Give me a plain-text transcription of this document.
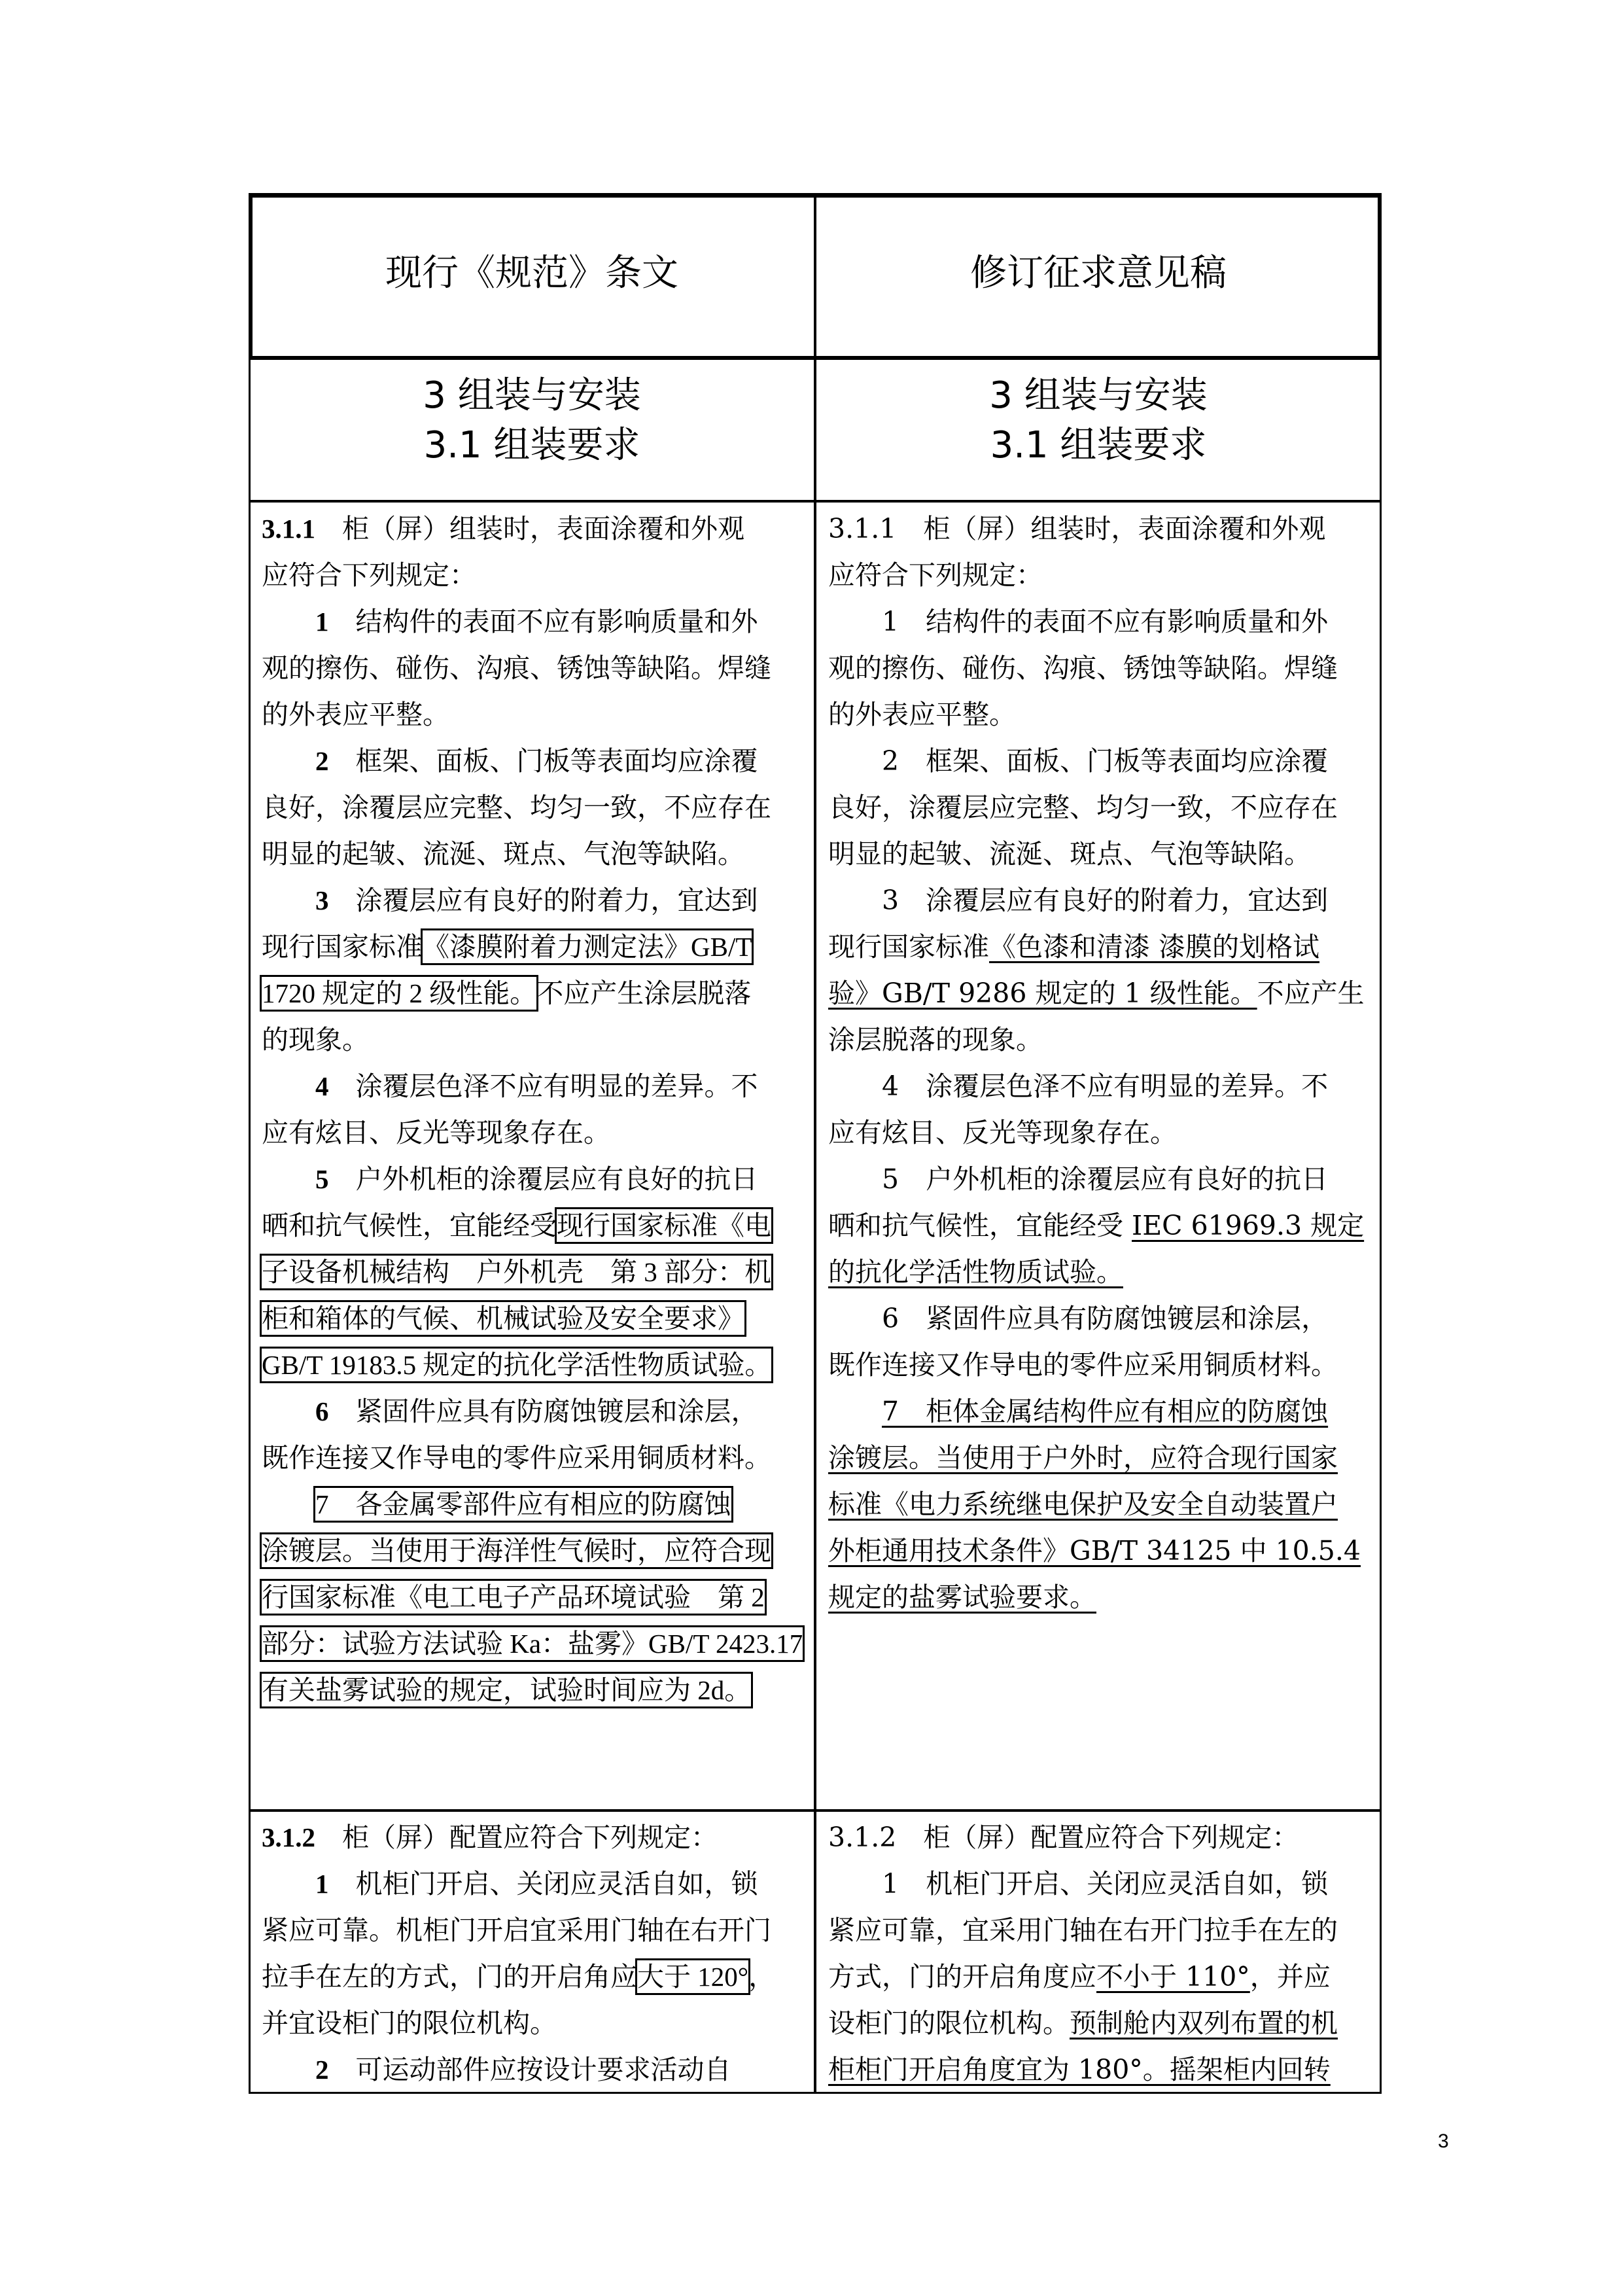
现行《规范》条文	修订征求意见稿
3 组装与安装
3.1 组装要求
3 组装与安装
3.1 组装要求
3.1.1　柜（屏）组装时，表面涂覆和外观
应符合下列规定：
　　1　结构件的表面不应有影响质量和外
观的擦伤、碰伤、沟痕、锈蚀等缺陷。焊缝
的外表应平整。
　　2　框架、面板、门板等表面均应涂覆
良好，涂覆层应完整、均匀一致，不应存在
明显的起皱、流涎、斑点、气泡等缺陷。
　　3　涂覆层应有良好的附着力，宜达到
现行国家标准《漆膜附着力测定法》GB/T
1720 规定的 2 级性能。不应产生涂层脱落
的现象。
　　4　涂覆层色泽不应有明显的差异。不
应有炫目、反光等现象存在。
　　5　户外机柜的涂覆层应有良好的抗日
晒和抗气候性，宜能经受现行国家标准《电
子设备机械结构　户外机壳　第 3 部分：机
柜和箱体的气候、机械试验及安全要求》
GB/T 19183.5 规定的抗化学活性物质试验。
　　6　紧固件应具有防腐蚀镀层和涂层，
既作连接又作导电的零件应采用铜质材料。
　　7　各金属零部件应有相应的防腐蚀
涂镀层。当使用于海洋性气候时，应符合现
行国家标准《电工电子产品环境试验　第 2
部分：试验方法试验 Ka：盐雾》GB/T 2423.17
有关盐雾试验的规定，试验时间应为 2d。
3.1.1　柜（屏）组装时，表面涂覆和外观
应符合下列规定：
　　1　结构件的表面不应有影响质量和外
观的擦伤、碰伤、沟痕、锈蚀等缺陷。焊缝
的外表应平整。
　　2　框架、面板、门板等表面均应涂覆
良好，涂覆层应完整、均匀一致，不应存在
明显的起皱、流涎、斑点、气泡等缺陷。
　　3　涂覆层应有良好的附着力，宜达到
现行国家标准《色漆和清漆 漆膜的划格试
验》GB/T 9286 规定的 1 级性能。不应产生
涂层脱落的现象。
　　4　涂覆层色泽不应有明显的差异。不
应有炫目、反光等现象存在。
　　5　户外机柜的涂覆层应有良好的抗日
晒和抗气候性，宜能经受 IEC 61969.3 规定
的抗化学活性物质试验。
　　6　紧固件应具有防腐蚀镀层和涂层，
既作连接又作导电的零件应采用铜质材料。
　　7　柜体金属结构件应有相应的防腐蚀
涂镀层。当使用于户外时，应符合现行国家
标准《电力系统继电保护及安全自动装置户
外柜通用技术条件》GB/T 34125 中 10.5.4
规定的盐雾试验要求。
3.1.2　柜（屏）配置应符合下列规定：
　　1　机柜门开启、关闭应灵活自如，锁
紧应可靠。机柜门开启宜采用门轴在右开门
拉手在左的方式，门的开启角应大于 120°，
并宜设柜门的限位机构。
　　2　可运动部件应按设计要求活动自
3.1.2　柜（屏）配置应符合下列规定：
　　1　机柜门开启、关闭应灵活自如，锁
紧应可靠，宜采用门轴在右开门拉手在左的
方式，门的开启角度应不小于 110°，并应
设柜门的限位机构。预制舱内双列布置的机
柜柜门开启角度宜为 180°。摇架柜内回转
3
